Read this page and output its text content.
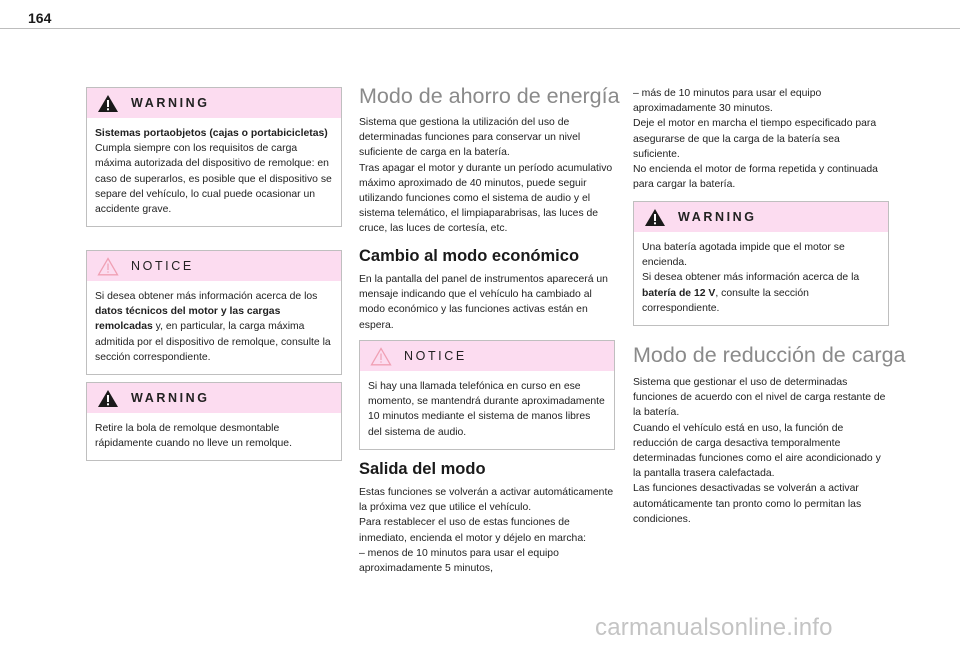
164
WARNING

Sistemas portaobjetos (cajas o portabicicletas)

Cumpla siempre con los requisitos de carga máxima autorizada del dispositivo de remolque: en caso de superarlos, es posible que el dispositivo se separe del vehículo, lo cual puede ocasionar un accidente grave.

NOTICE

Si desea obtener más información acerca de los datos técnicos del motor y las cargas remolcadas y, en particular, la carga máxima admitida por el dispositivo de remolque, consulte la sección correspondiente.

WARNING

Retire la bola de remolque desmontable rápidamente cuando no lleve un remolque.

Modo de ahorro de energía

Sistema que gestiona la utilización del uso de determinadas funciones para conservar un nivel suficiente de carga en la batería.

Tras apagar el motor y durante un período acumulativo máximo aproximado de 40 minutos, puede seguir utilizando funciones como el sistema de audio y el sistema telemático, el limpiaparabrisas, las luces de cruce, las luces de cortesía, etc.

Cambio al modo económico
En la pantalla del panel de instrumentos aparecerá un mensaje indicando que el vehículo ha cambiado al modo económico y las funciones activas están en espera.
NOTICE

Si hay una llamada telefónica en curso en ese momento, se mantendrá durante aproximadamente 10 minutos mediante el sistema de manos libres del sistema de audio.

Salida del modo

Estas funciones se volverán a activar automáticamente la próxima vez que utilice el vehículo.

Para restablecer el uso de estas funciones de inmediato, encienda el motor y déjelo en marcha:

– menos de 10 minutos para usar el equipo aproximadamente 5 minutos,

– más de 10 minutos para usar el equipo aproximadamente 30 minutos.

Deje el motor en marcha el tiempo especificado para asegurarse de que la carga de la batería sea suficiente.

No encienda el motor de forma repetida y continuada para cargar la batería.

WARNING

Una batería agotada impide que el motor se encienda.

Si desea obtener más información acerca de la batería de 12 V, consulte la sección correspondiente.

Modo de reducción de carga

Sistema que gestionar el uso de determinadas funciones de acuerdo con el nivel de carga restante de la batería.

Cuando el vehículo está en uso, la función de reducción de carga desactiva temporalmente determinadas funciones como el aire acondicionado y la pantalla trasera calefactada.

Las funciones desactivadas se volverán a activar automáticamente tan pronto como lo permitan las condiciones.

carmanualsonline.info
